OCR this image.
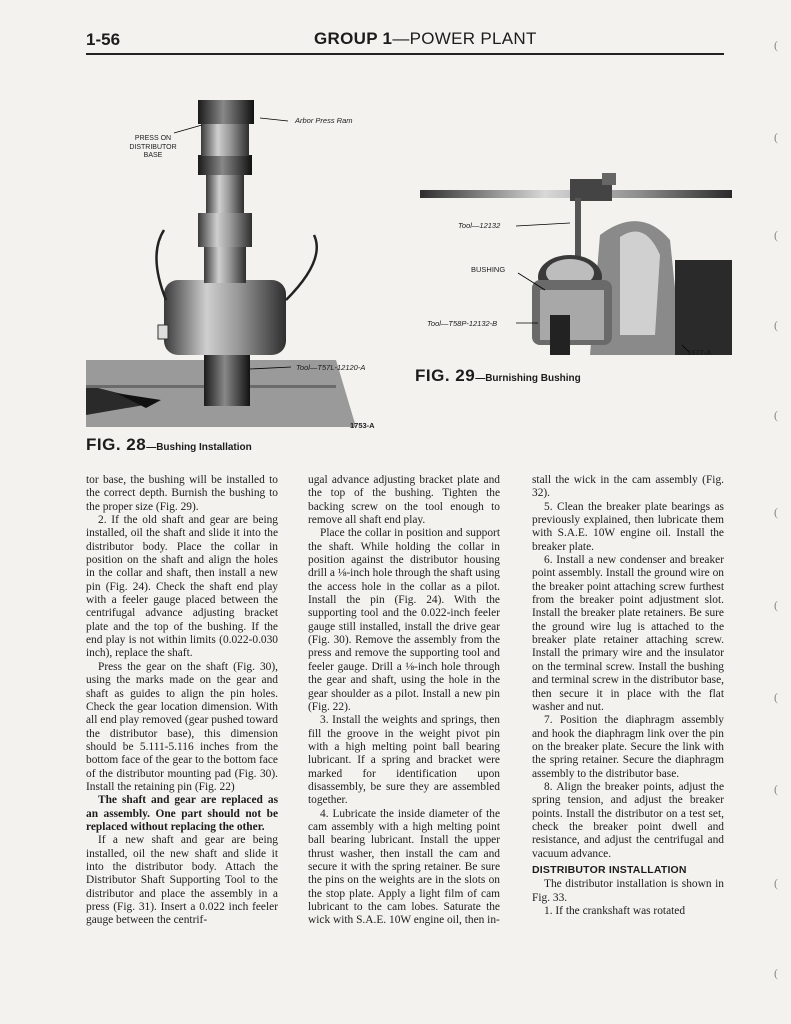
1-56	GROUP 1—POWER PLANT
PRESS ON
DISTRIBUTOR
BASE
Arbor Press Ram
Tool—T57L-12120-A
1753-A
FIG. 28—Bushing Installation
Tool—12132
BUSHING
Tool—T58P-12132-B
1577-A
FIG. 29—Burnishing Bushing

tor base, the bushing will be installed to the correct depth. Burnish the bushing to the proper size (Fig. 29).

2. If the old shaft and gear are being installed, oil the shaft and slide it into the distributor body. Place the collar in position on the shaft and align the holes in the collar and shaft, then install a new pin (Fig. 24). Check the shaft end play with a feeler gauge placed between the centrifugal advance adjusting bracket plate and the top of the bushing. If the end play is not within limits (0.022-0.030 inch), replace the shaft.

Press the gear on the shaft (Fig. 30), using the marks made on the gear and shaft as guides to align the pin holes. Check the gear location dimension. With all end play removed (gear pushed toward the distributor base), this dimension should be 5.111-5.116 inches from the bottom face of the gear to the bottom face of the distributor mounting pad (Fig. 30). Install the retaining pin (Fig. 22)

The shaft and gear are replaced as an assembly. One part should not be replaced without replacing the other.

If a new shaft and gear are being installed, oil the new shaft and slide it into the distributor body. Attach the Distributor Shaft Supporting Tool to the distributor and place the assembly in a press (Fig. 31). Insert a 0.022 inch feeler gauge between the centrif-

ugal advance adjusting bracket plate and the top of the bushing. Tighten the backing screw on the tool enough to remove all shaft end play.

Place the collar in position and support the shaft. While holding the collar in position against the distributor housing drill a ⅛-inch hole through the shaft using the access hole in the collar as a pilot. Install the pin (Fig. 24). With the supporting tool and the 0.022-inch feeler gauge still installed, install the drive gear (Fig. 30). Remove the assembly from the press and remove the supporting tool and feeler gauge. Drill a ⅛-inch hole through the gear and shaft, using the hole in the gear shoulder as a pilot. Install a new pin (Fig. 22).

3. Install the weights and springs, then fill the groove in the weight pivot pin with a high melting point ball bearing lubricant. If a spring and bracket were marked for identification upon disassembly, be sure they are assembled together.

4. Lubricate the inside diameter of the cam assembly with a high melting point ball bearing lubricant. Install the upper thrust washer, then install the cam and secure it with the spring retainer. Be sure the pins on the weights are in the slots on the stop plate. Apply a light film of cam lubricant to the cam lobes. Saturate the wick with S.A.E. 10W engine oil, then in-

stall the wick in the cam assembly (Fig. 32).

5. Clean the breaker plate bearings as previously explained, then lubricate them with S.A.E. 10W engine oil. Install the breaker plate.

6. Install a new condenser and breaker point assembly. Install the ground wire on the breaker point attaching screw furthest from the breaker point adjustment slot. Install the breaker plate retainers. Be sure the ground wire lug is attached to the breaker plate retainer attaching screw. Install the primary wire and the insulator on the terminal screw. Install the bushing and terminal screw in the distributor base, then secure it in place with the flat washer and nut.

7. Position the diaphragm assembly and hook the diaphragm link over the pin on the breaker plate. Secure the link with the spring retainer. Secure the diaphragm assembly to the distributor base.

8. Align the breaker points, adjust the spring tension, and adjust the breaker points. Install the distributor on a test set, check the breaker point dwell and resistance, and adjust the centrifugal and vacuum advance.

DISTRIBUTOR INSTALLATION

The distributor installation is shown in Fig. 33.

1. If the crankshaft was rotated

(
(
(
(
(
(
(
(
(
(
(
